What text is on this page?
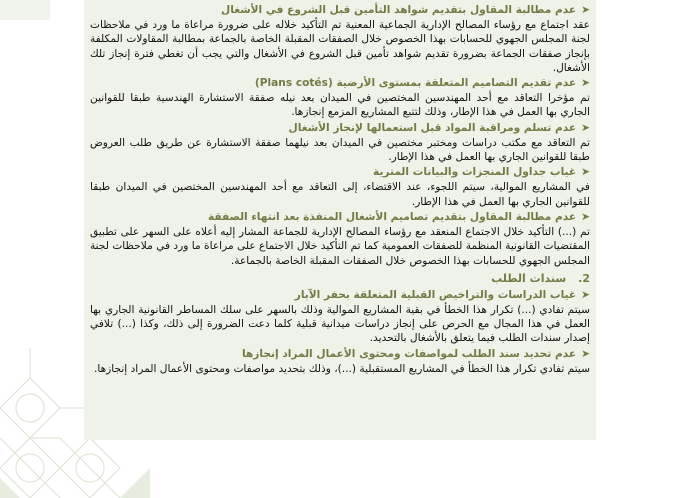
➤عدم مطالبة المقاول بتقديم شواهد التأمين قبل الشروع في الأشغال
عقد اجتماع مع رؤساء المصالح الإدارية الجماعية المعنية تم التأكيد خلاله على ضرورة مراعاة ما ورد في ملاحظات لجنة المجلس الجهوي للحسابات بهذا الخصوص خلال الصفقات المقبلة الخاصة بالجماعة بمطالبة المقاولات المكلفة بإنجاز صفقات الجماعة بضرورة تقديم شواهد تأمين قبل الشروع في الأشغال والتي يجب أن تغطي فترة إنجاز تلك الأشغال.
➤عدم تقديم التصاميم المتعلقة بمستوى الأرضية (Plans cotés)
تم مؤخرا التعاقد مع أحد المهندسين المختصين في الميدان بعد نيله صفقة الاستشارة الهندسية طبقا للقوانين الجاري بها العمل في هذا الإطار، وذلك لتتبع المشاريع المزمع إنجازها.
➤عدم تسلم ومراقبة المواد قبل استعمالها لإنجاز الأشغال
تم التعاقد مع مكتب دراسات ومختبر مختصين في الميدان بعد نيلهما صفقة الاستشارة عن طريق طلب العروض طبقا للقوانين الجاري بها العمل في هذا الإطار.
➤غياب جداول المنجزات والبيانات المترية
في المشاريع الموالية، سيتم اللجوء، عند الاقتضاء، إلى التعاقد مع أحد المهندسين المختصين في الميدان طبقا للقوانين الجاري بها العمل في هذا الإطار.
➤عدم مطالبة المقاول بتقديم تصاميم الأشغال المنفذة بعد انتهاء الصفقة
تم (...) التأكيد خلال الاجتماع المنعقد مع رؤساء المصالح الإدارية للجماعة المشار إليه أعلاه على السهر على تطبيق المقتضيات القانونية المنظمة للصفقات العمومية كما تم التأكيد خلال الاجتماع على مراعاة ما ورد في ملاحظات لجنة المجلس الجهوي للحسابات بهذا الخصوص خلال الصفقات المقبلة الخاصة بالجماعة.
2.سندات الطلب
➤غياب الدراسات والتراخيص القبلية المتعلقة بحفر الآبار
سيتم تفادي (...) تكرار هذا الخطأ في بقية المشاريع الموالية وذلك بالسهر على سلك المساطر القانونية الجاري بها العمل في هذا المجال مع الحرص على إنجاز دراسات ميدانية قبلية كلما دعت الضرورة إلى ذلك، وكذا (...) تلافي إصدار سندات الطلب فيما يتعلق بالأشغال بالتحديد.
➤عدم تحديد سند الطلب لمواصفات ومحتوى الأعمال المراد إنجازها
سيتم تفادي تكرار هذا الخطأ في المشاريع المستقبلية (...)، وذلك بتحديد مواصفات ومحتوى الأعمال المراد إنجازها.
